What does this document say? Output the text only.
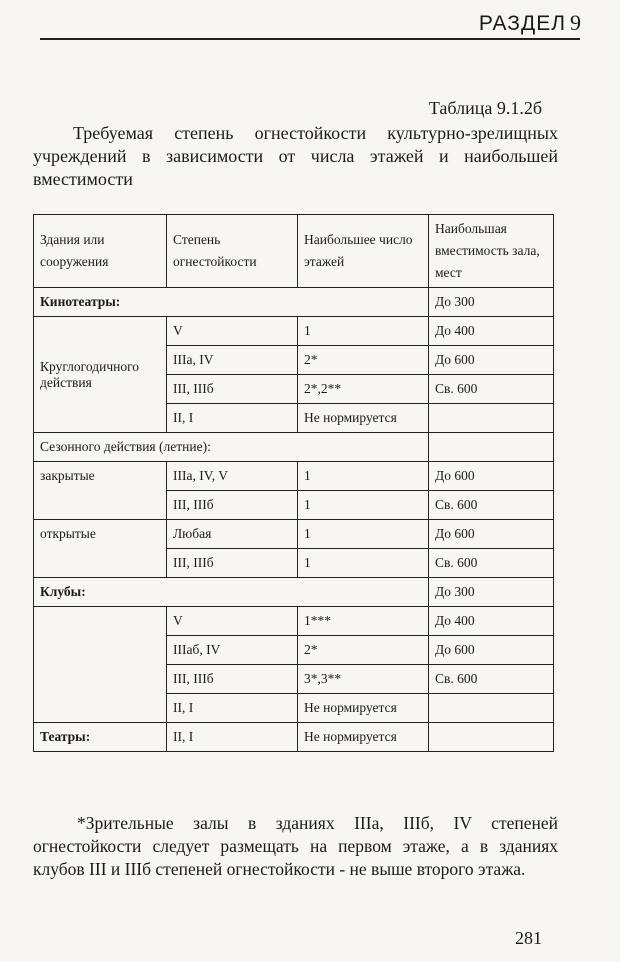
РАЗДЕЛ 9
Таблица 9.1.2б
Требуемая степень огнестойкости культурно-зрелищных учреждений в зависимости от числа этажей и наибольшей вместимости
Здания или сооружения	Степень огнестойкости	Наибольшее число этажей	Наибольшая вместимость зала, мест
Кинотеатры:			До 300
Круглогодичн​ого действия	V	1	До 400
	IIIа, IV	2*	До 600
	III, IIIб	2*,2**	Св. 600
	II, I	Не нормируется	
Сезонного действия (летние):			
закрытые	IIIа, IV, V	1	До 600
	III, IIIб	1	Св. 600
открытые	Любая	1	До 600
	III, IIIб	1	Св. 600
Клубы:			До 300
	V	1***	До 400
	IIIаб, IV	2*	До 600
	III, IIIб	3*,3**	Св. 600
	II, I	Не нормируется	
Театры:	II, I	Не нормируется	
*Зрительные залы в зданиях IIIа, IIIб, IV степеней огнестойкости следует размещать на первом этаже, а в зданиях клубов III и IIIб степеней огнестойкости - не выше второго этажа.
281
